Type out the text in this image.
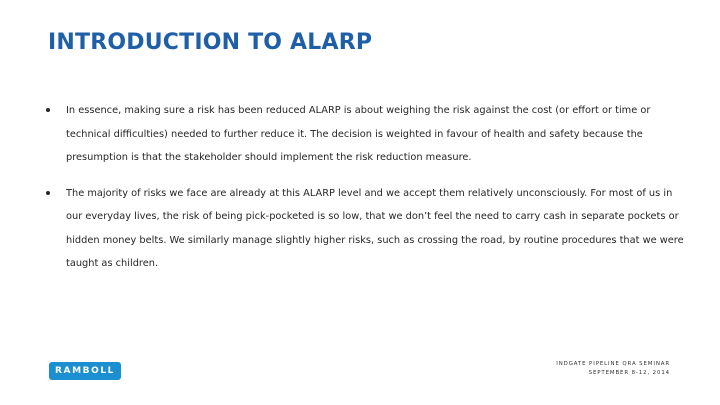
INTRODUCTION TO ALARP
In essence, making sure a risk has been reduced ALARP is about weighing the risk against the cost (or effort or time or technical difficulties) needed to further reduce it. The decision is weighted in favour of health and safety because the presumption is that the stakeholder should implement the risk reduction measure.
The majority of risks we face are already at this ALARP level and we accept them relatively unconsciously. For most of us in our everyday lives, the risk of being pick-pocketed is so low, that we don’t feel the need to carry cash in separate pockets or hidden money belts. We similarly manage slightly higher risks, such as crossing the road, by routine procedures that we were taught as children.
RAMBOLL
INDGATE PIPELINE QRA SEMINAR
SEPTEMBER 8-12, 2014
